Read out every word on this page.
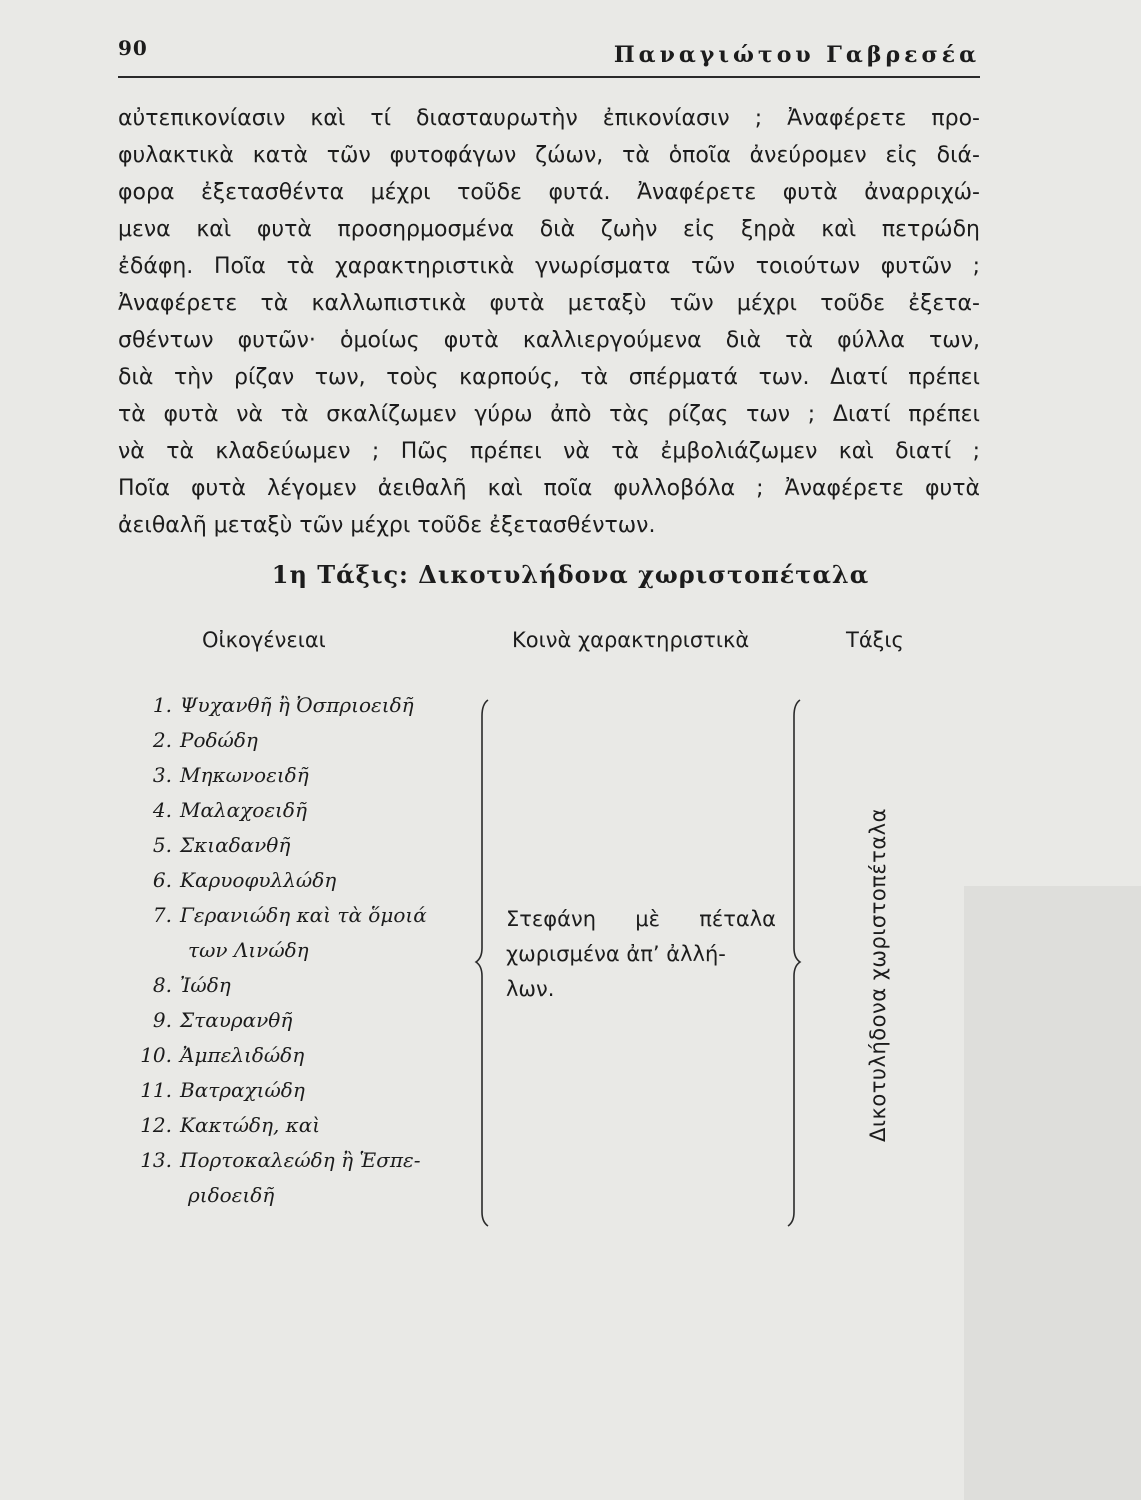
90	Παναγιώτου Γαβρεσέα
αὐτεπικονίασιν καὶ τί διασταυρωτὴν ἐπικονίασιν ; Ἀναφέρετε προ-
φυλακτικὰ κατὰ τῶν φυτοφάγων ζώων, τὰ ὁποῖα ἀνεύρομεν εἰς διά-
φορα ἐξετασθέντα μέχρι τοῦδε φυτά. Ἀναφέρετε φυτὰ ἀναρριχώ-
μενα καὶ φυτὰ προσηρμοσμένα διὰ ζωὴν εἰς ξηρὰ καὶ πετρώδη
ἐδάφη. Ποῖα τὰ χαρακτηριστικὰ γνωρίσματα τῶν τοιούτων φυτῶν ;
Ἀναφέρετε τὰ καλλωπιστικὰ φυτὰ μεταξὺ τῶν μέχρι τοῦδε ἐξετα-
σθέντων φυτῶν· ὁμοίως φυτὰ καλλιεργούμενα διὰ τὰ φύλλα των,
διὰ τὴν ρίζαν των, τοὺς καρπούς, τὰ σπέρματά των. Διατί πρέπει
τὰ φυτὰ νὰ τὰ σκαλίζωμεν γύρω ἀπὸ τὰς ρίζας των ; Διατί πρέπει
νὰ τὰ κλαδεύωμεν ; Πῶς πρέπει νὰ τὰ ἐμβολιάζωμεν καὶ διατί ;
Ποῖα φυτὰ λέγομεν ἀειθαλῆ καὶ ποῖα φυλλοβόλα ; Ἀναφέρετε φυτὰ
ἀειθαλῆ μεταξὺ τῶν μέχρι τοῦδε ἐξετασθέντων.
1η Τάξις: Δικοτυλήδονα χωριστοπέταλα
Οἰκογένειαι	Κοινὰ χαρακτηριστικὰ	Τάξις
1. Ψυχανθῆ ἢ Ὀσπριοειδῆ
2. Ροδώδη
3. Μηκωνοειδῆ
4. Μαλαχοειδῆ
5. Σκιαδανθῆ
6. Καρυοφυλλώδη
7. Γερανιώδη καὶ τὰ ὅμοιά
των Λινώδη
8. Ἰώδη
9. Σταυρανθῆ
10. Ἀμπελιδώδη
11. Βατραχιώδη
12. Κακτώδη, καὶ
13. Πορτοκαλεώδη ἢ Ἑσπε-
ριδοειδῆ
Στεφάνη μὲ πέταλα
χωρισμένα ἀπ’ ἀλλή-
λων.	Δικοτυλήδονα χωριστοπέταλα
